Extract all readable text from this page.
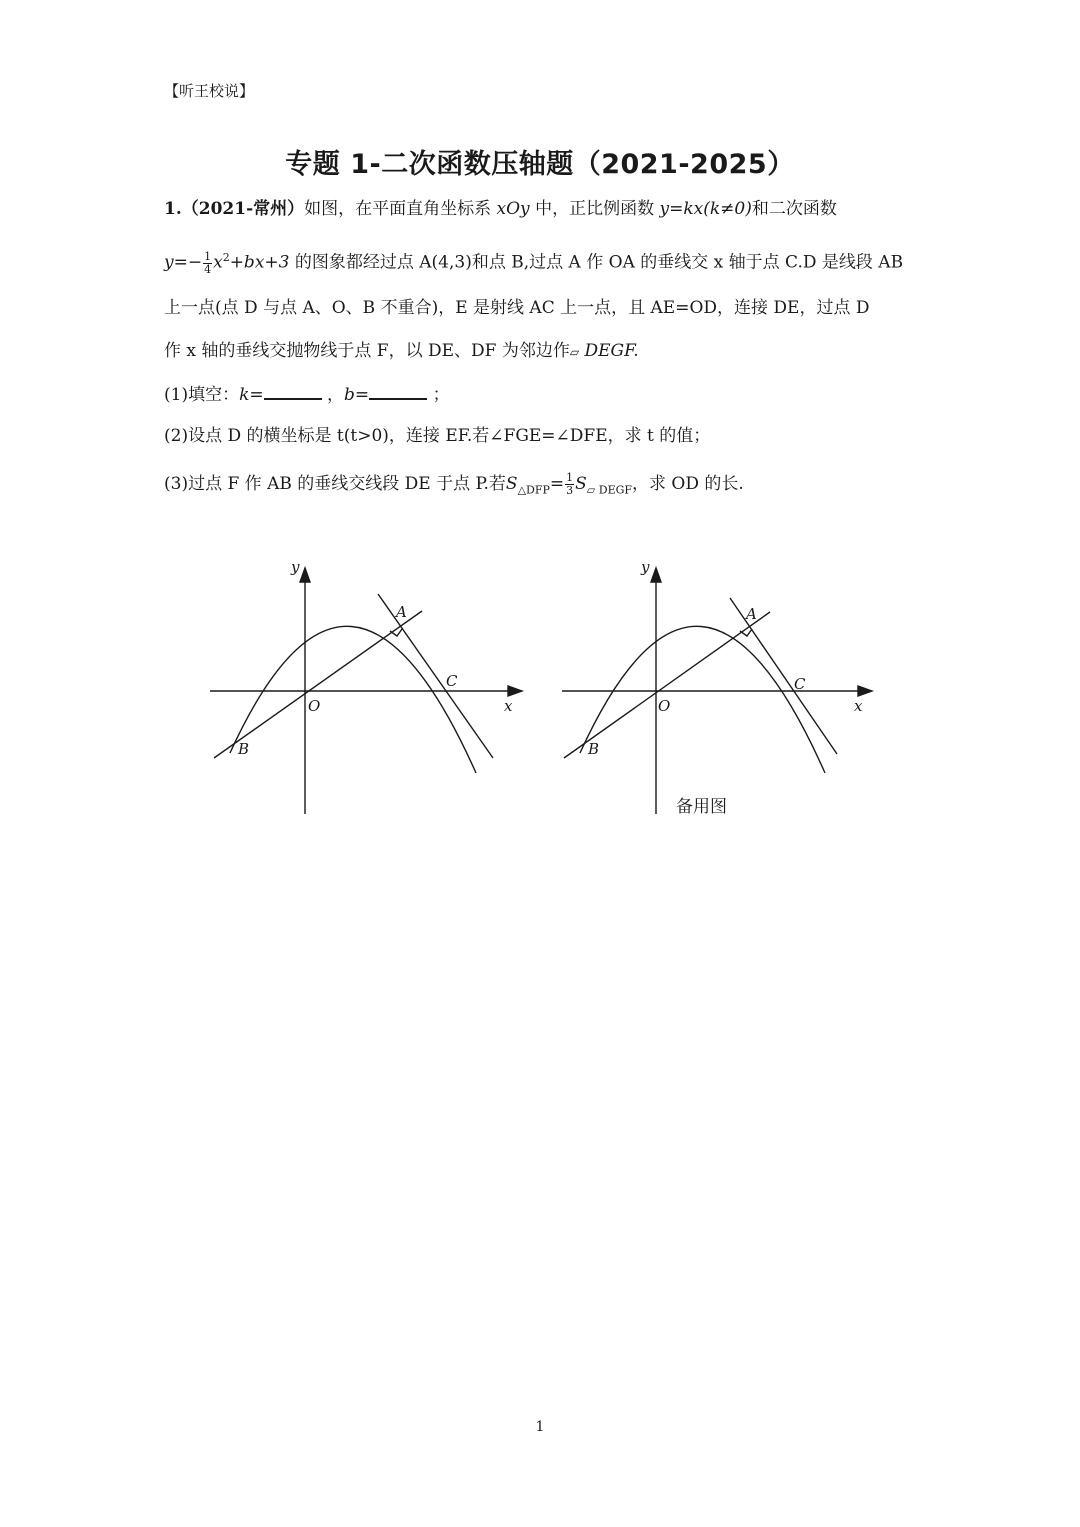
【听王校说】
专题 1-二次函数压轴题（2021-2025）
1.（2021-常州）如图，在平面直角坐标系 xOy 中，正比例函数 y=kx(k≠0)和二次函数
$y=- \frac{1}{4} x^2+bx+3$ 的图象都经过点 A(4,3)和点 B,过点 A 作 OA 的垂线交 x 轴于点 C.D 是线段 AB
上一点(点 D 与点 A、O、B 不重合)，E 是射线 AC 上一点，且 AE=OD，连接 DE，过点 D
作 x 轴的垂线交抛物线于点 F，以 DE、DF 为邻边作▱ DEGF.
(1)填空：k=	，b=	；
(2)设点 D 的横坐标是 t(t>0)，连接 EF.若∠FGE=∠DFE，求 t 的值；
(3)过点 F 作 AB 的垂线交线段 DE 于点 P.若$S_{\triangle DFP}= \frac{1}{3} S_{▱ DEGF}$，求 OD 的长.
y
x
O
A
B
C
y
x
O
A
B
C
备用图
1
